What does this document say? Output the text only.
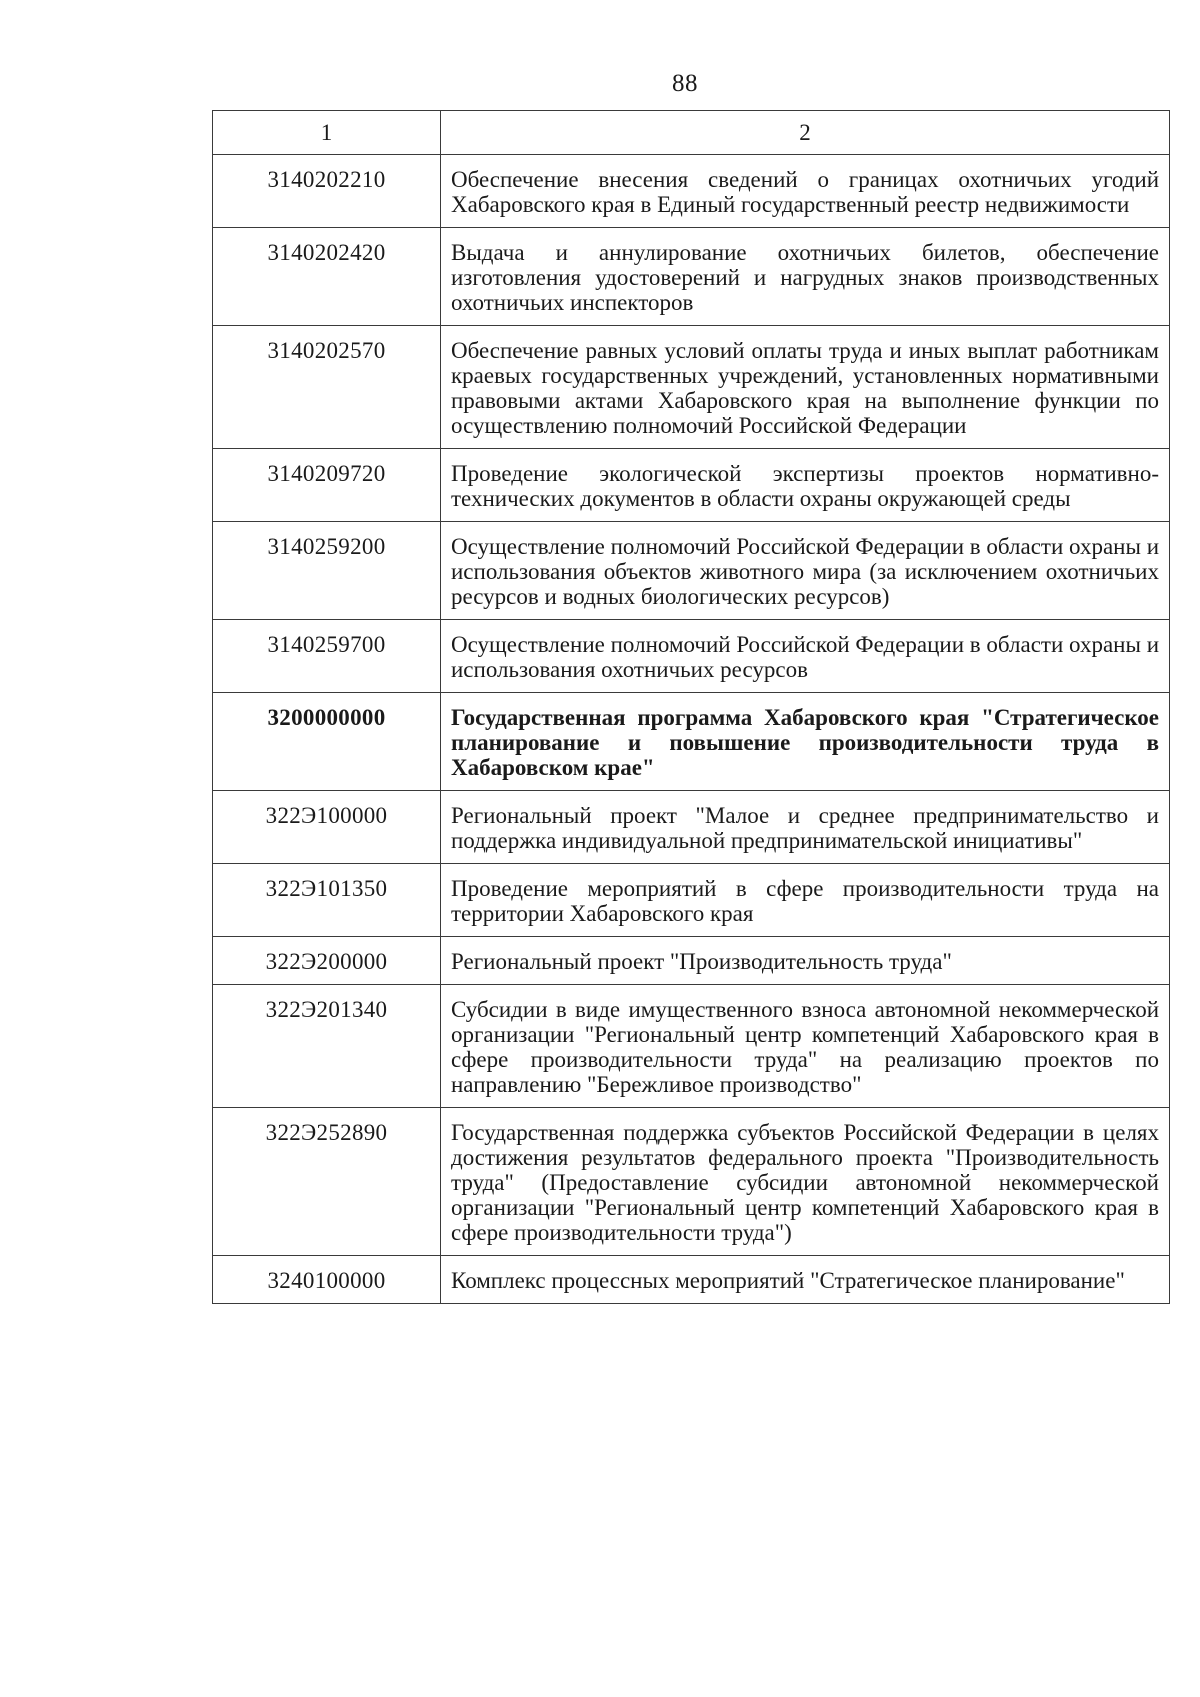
88
1	2
3140202210	Обеспечение внесения сведений о границах охотничьих угодий Хабаровского края в Единый государственный реестр недвижимости
3140202420	Выдача и аннулирование охотничьих билетов, обеспечение изготовления удостоверений и нагрудных знаков производственных охотничьих инспекторов
3140202570	Обеспечение равных условий оплаты труда и иных выплат работникам краевых государственных учреждений, установленных нормативными правовыми актами Хабаровского края на выполнение функции по осуществлению полномочий Российской Федерации
3140209720	Проведение экологической экспертизы проектов нормативно-технических документов в области охраны окружающей среды
3140259200	Осуществление полномочий Российской Федерации в области охраны и использования объектов животного мира (за исключением охотничьих ресурсов и водных биологических ресурсов)
3140259700	Осуществление полномочий Российской Федерации в области охраны и использования охотничьих ресурсов
3200000000	Государственная программа Хабаровского края "Стратегическое планирование и повышение производительности труда в Хабаровском крае"
322Э100000	Региональный проект "Малое и среднее предпринимательство и поддержка индивидуальной предпринимательской инициативы"
322Э101350	Проведение мероприятий в сфере производительности труда на территории Хабаровского края
322Э200000	Региональный проект "Производительность труда"
322Э201340	Субсидии в виде имущественного взноса автономной некоммерческой организации "Региональный центр компетенций Хабаровского края в сфере производительности труда" на реализацию проектов по направлению "Бережливое производство"
322Э252890	Государственная поддержка субъектов Российской Федерации в целях достижения результатов федерального проекта "Производительность труда" (Предоставление субсидии автономной некоммерческой организации "Региональный центр компетенций Хабаровского края в сфере производительности труда")
3240100000	Комплекс процессных мероприятий "Стратегическое планирование"
